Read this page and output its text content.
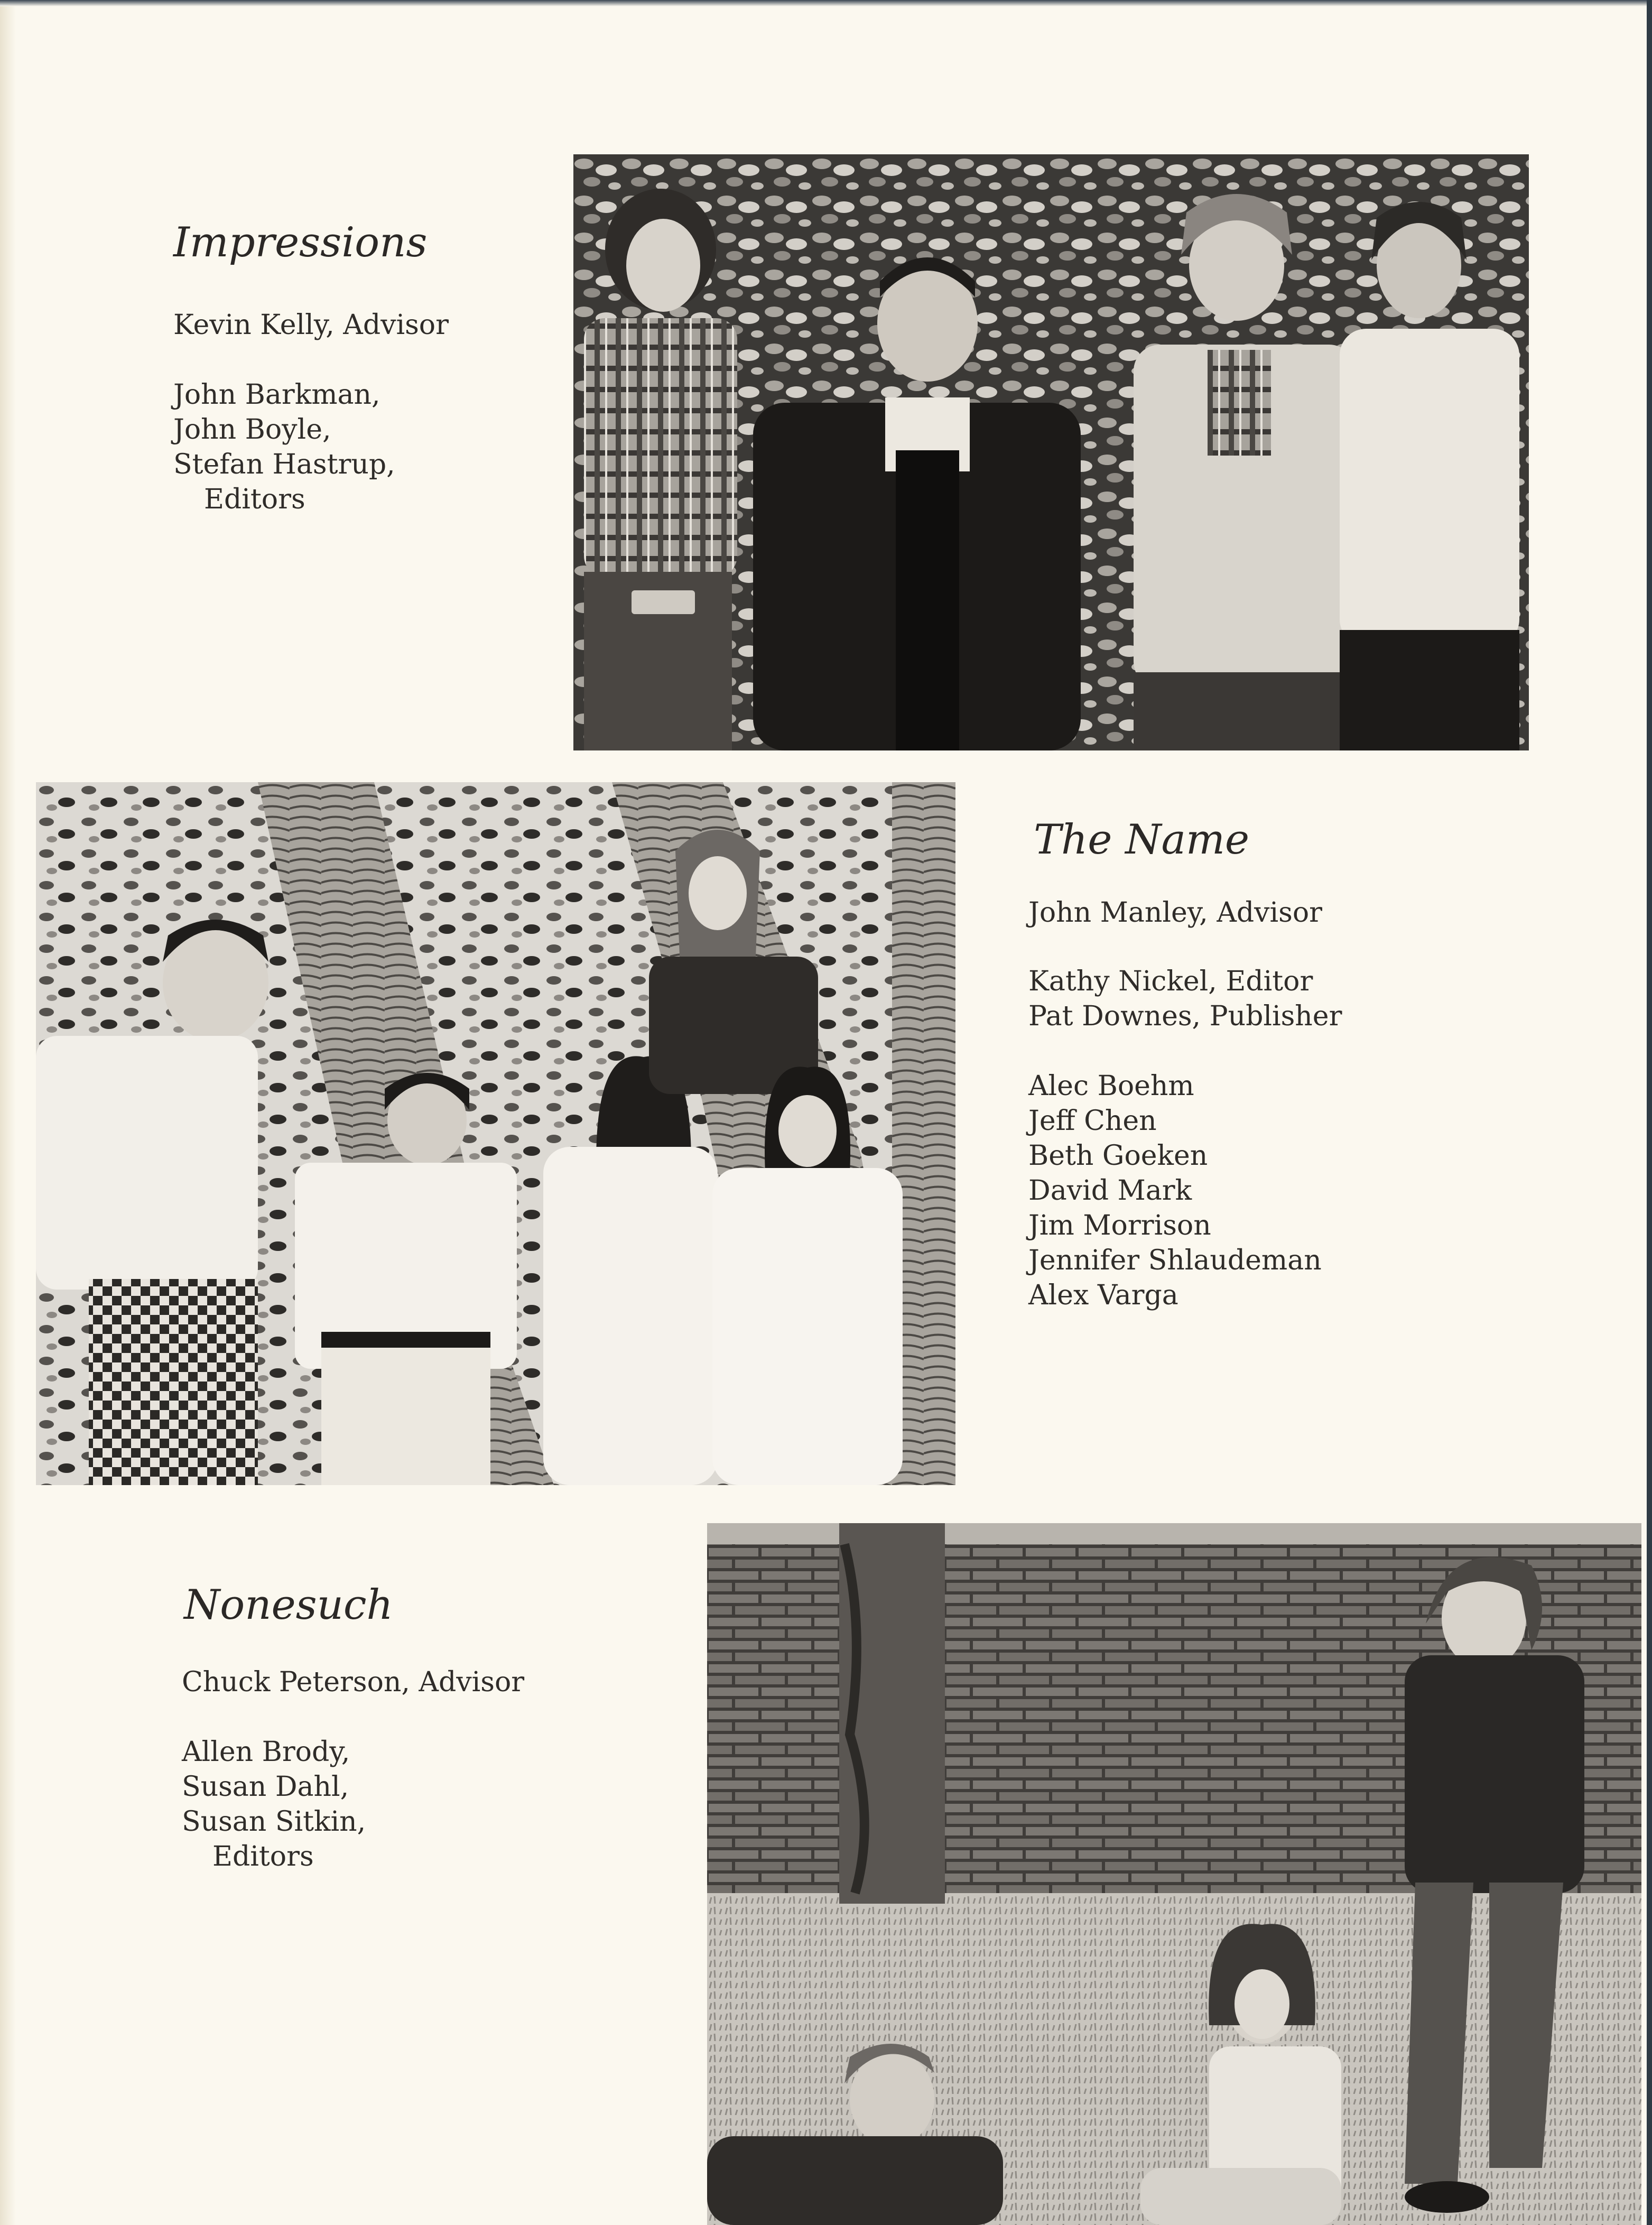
Impressions

Kevin Kelly, Advisor

John Barkman,

John Boyle,

Stefan Hastrup,

Editors

The Name

John Manley, Advisor

Kathy Nickel, Editor

Pat Downes, Publisher

Alec Boehm

Jeff Chen

Beth Goeken

David Mark

Jim Morrison

Jennifer Shlaudeman

Alex Varga

Nonesuch

Chuck Peterson, Advisor

Allen Brody,

Susan Dahl,

Susan Sitkin,

Editors
